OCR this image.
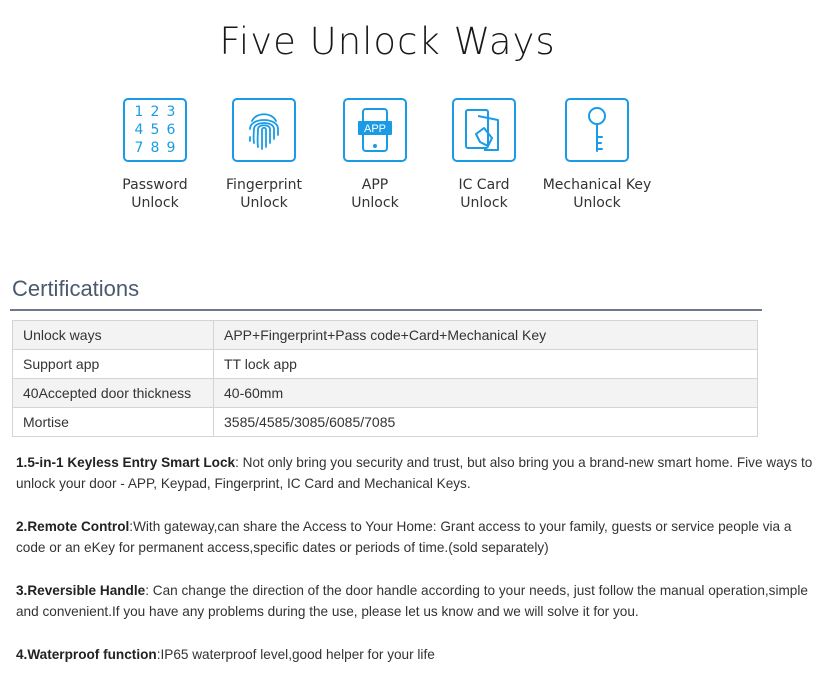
Five Unlock Ways
1 2 3
4 5 6
7 8 9
Password
Unlock
Fingerprint
Unlock
APP
APP
Unlock
IC Card
Unlock
Mechanical Key
Unlock
Certifications
Unlock ways	APP+Fingerprint+Pass code+Card+Mechanical Key
Support app	TT lock app
40Accepted door thickness	40-60mm
Mortise	3585/4585/3085/6085/7085

1.5-in-1 Keyless Entry Smart Lock: Not only bring you security and trust, but also bring you a brand-new smart home. Five ways to unlock your door - APP, Keypad, Fingerprint, IC Card and Mechanical Keys.

2.Remote Control:With gateway,can share the Access to Your Home: Grant access to your family, guests or service people via a code or an eKey for permanent access,specific dates or periods of time.(sold separately)

3.Reversible Handle: Can change the direction of the door handle according to your needs, just follow the manual operation,simple and convenient.If you have any problems during the use, please let us know and we will solve it for you.

4.Waterproof function:IP65 waterproof level,good helper for your life
